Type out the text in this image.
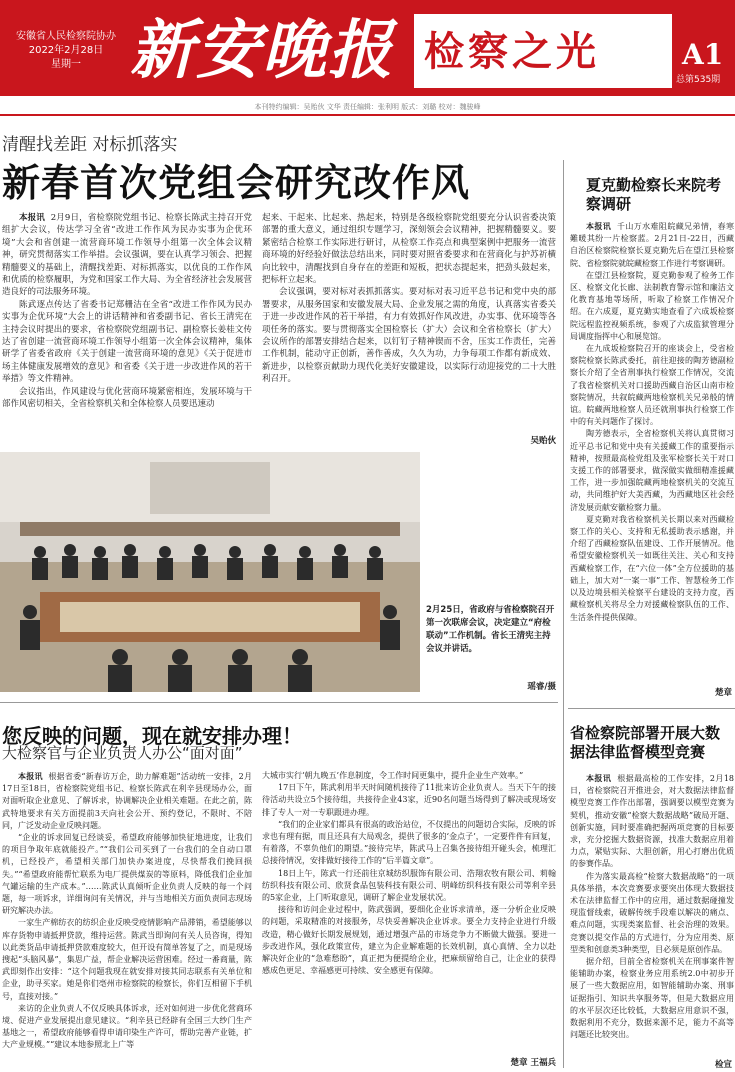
安徽省人民检察院协办
2022年2月28日
星期一 新安晚报 检察之光	A1
总第535期
本刊特约编辑：吴贻伙 文华 责任编辑：张利明 版式：刘璐 校对：魏骏峰
清醒找差距 对标抓落实
新春首次党组会研究改作风

本报讯 2月9日，省检察院党组书记、检察长陈武主持召开党组扩大会议，传达学习全省“改进工作作风为民办实事为企优环境”大会和省创建一流营商环境工作领导小组第一次全体会议精神，研究贯彻落实工作举措。会议强调，要在认真学习领会、把握精髓要义的基础上，清醒找差距、对标抓落实，以优良的工作作风和优质的检察履职，为党和国家工作大局、为全省经济社会发展营造良好的司法服务环境。

陈武逐点传达了省委书记郑栅洁在全省“改进工作作风为民办实事为企优环境”大会上的讲话精神和省委副书记、省长王清宪在主持会议时提出的要求，省检察院党组副书记、副检察长姜桂文传达了省创建一流营商环境工作领导小组第一次全体会议精神，集体研学了省委省政府《关于创建一流营商环境的意见》《关于促进市场主体健康发展增效的意见》和省委《关于进一步改进作风的若干举措》等文件精神。

会议指出，作风建设与优化营商环境紧密相连，发展环境与干部作风密切相关，全省检察机关和全体检察人员要迅速动

起来、干起来、比起来、热起来，特别是各级检察院党组要充分认识省委决策部署的重大意义，通过组织专题学习，深刻领会会议精神，把握精髓要义。要紧密结合检察工作实际进行研讨，从检察工作亮点和典型案例中把服务一流营商环境的好经验好做法总结出来，同时要对照省委要求和在营商化与护苏祈横向比较中，清醒找到自身存在的差距和短板，把状态提起来，把劲头鼓起来，把标杆立起来。

会议强调，要对标对表抓抓落实。要对标对表习近平总书记和党中央的部署要求，从服务国家和安徽发展大局、企业发展之需的角度，认真落实省委关于进一步改进作风的若干举措，有力有效抓好作风改进，办实事、优环境等各项任务的落实。要与贯彻落实全国检察长（扩大）会议和全省检察长（扩大）会议所作的部署安排结合起来，以钉钉子精神锲而不舍，压实工作责任，完善工作机制，能动守正创新，善作善成，久久为功，力争每项工作都有新成效、新进步，以检察贡献助力现代化美好安徽建设，以实际行动迎接党的二十大胜利召开。

吴贻伙
2月25日，省政府与省检察院召开第一次联席会议，决定建立“府检联动”工作机制。省长王清宪主持会议并讲话。
瑶睿/摄
夏克勤检察长来院考察调研

本报讯 千山万水难阻皖藏兄弟情，春寒難暖其纷一片检察蓝。2月21日-22日，西藏自治区检察院检察长夏克勤先后在望江县检察院、省检察院就皖藏检察工作进行考察调研。

在望江县检察院，夏克勤参观了检务工作区、检察文化长廊、法制教育警示馆和廉洁文化教育基地等场所，听取了检察工作情况介绍。在六成夏，夏克勤实地查看了六成坂检察院远程监控视频系统，参观了六成监狱管理分局调度指挥中心和展览馆。

在九成坂检察院召开的座谈会上，受省检察院检察长陈武委托，前往迎接的陶芳德副检察长介绍了全省刑事执行检察工作情况，交流了我省检察机关对口援助西藏自治区山南市检察院情况，共叙皖藏两地检察机关兄弟般的情谊。皖藏两地检察人员还就刑事执行检察工作中的有关问题作了探讨。

陶芳德表示，全省检察机关将认真贯彻习近平总书记和党中央有关援藏工作的重要指示精神，按照最高检党组及张军检察长关于对口支援工作的部署要求，做深做实做细精准援藏工作，进一步加强皖藏两地检察机关的交流互动，共同维护好大美西藏，为西藏地区社会经济发展贡献安徽检察力量。

夏克勤对我省检察机关长期以来对西藏检察工作的关心、支持和无私援助表示感谢，并介绍了西藏检察队伍建设、工作开展情况。他希望安徽检察机关一如既往关注、关心和支持西藏检察工作，在“六位一体”全方位援助的基础上，加大对“一案一事”工作、智慧检务工作以及边境县相关检察平台建设的支持力度，西藏检察机关将尽全力对援藏检察队伍的工作、生活条件提供保障。

楚章
省检察院部署开展大数据法律监督模型竞赛

本报讯 根据最高检的工作安排，2月18日，省检察院召开推进会，对大数据法律监督模型竞赛工作作出部署，强调要以模型竞赛为契机，推动安徽“检察大数据战略”破局开题、创新实施，同时要准确把握两项竞赛的目标要求，充分挖掘大数据资源，找准大数据应用着力点，紧贴实际、大胆创新，用心打磨出优质的参赛作品。

作为落实最高检“检察大数据战略”的一项具体举措，本次竞赛要求要突出体现大数据技术在法律监督工作中的应用，通过数据碰撞发现监督线索，破解传统手段难以解决的痛点、难点问题，实现类案监督、社会治理的效果。竞赛以提交作品的方式进行，分为应用类、原型类和创意类3种类型，目必须是原创作品。

据介绍，目前全省检察机关在刑事案件智能辅助办案，检察业务应用系统2.0中初步开展了一些大数据应用，如智能辅助办案、刑事证据指引、知识共享服务等，但是大数据应用的水平层次还比较低，大数据应用意识不强，数据利用不充分，数据来源不足，能力不高等问题还比较突出。

检宣
您反映的问题，现在就安排办理！
大检察官与企业负责人办公“面对面”

本报讯 根据省委“新春访万企，助力解难题”活动统一安排，2月17日至18日，省检察院党组书记、检察长陈武在利辛县现场办公，面对面听取企业意见、了解诉求，协调解决企业相关难题。在此之前，陈武特地要求有关方面提前3天向社会公开、预约登记，不限时、不陪同，广泛发动企业反映问题。

“企业的诉求回复已经谈妥，希望政府能够加快征地进度，让我们的项目争取年底就能投产。”“我们公司买到了一台我们的全自动口罩机，已经投产，希望相关部门加快办案进度，尽快帮我们挽回损失。”“希望政府能帮忙联系为电厂提供煤炭的等原料，降低我们企业加气罐运输的生产成本。”……陈武认真倾听企业负责人反映的每一个问题，每一项诉求，详细询问有关情况，并与当地相关方面负责同志现场研究解决办法。

一家生产棉纺衣的纺织企业反映受疫情影响产品滞销，希望能够以库存货物申请抵押贷款，维持运营。陈武当即询问有关人员咨询，得知以此类货品申请抵押贷款难度较大，但开设有简单答复了之，而是现场搜起“头脑风暴”，集思广益，帮企业解决运营困难。经过一番商量，陈武即刻作出安排：“这个问题我现在就安排对接其同志联系有关单位和企业，助寻买家。她是你们亳州市检察院的检察长，你们互相留下手机号，直接对接。”

来访的企业负责人不仅反映具体诉求，还对如何进一步优化营商环境、促进产业发展提出意见建议。“利辛县已经辟有全国三大纱门生产基地之一，希望政府能够看得申请印染生产许可，帮助完善产业链，扩大产业规模。”“建议本地参照北上广等

大城市实行‘朝九晚五’作息制度，令工作时间更集中，提升企业生产效率。”

17日下午，陈武利用半天时间随机接待了11批来访企业负责人。当天下午的接待活动共设立5个接待组，共接待企业43家，近90名问题当场得到了解决或现场安排了专人一对一专职跟进办理。

“我们的企业家们都具有很高的政治站位，不仅提出的问题切合实际，反映的诉求也有理有据，而且还具有大局观念，提供了很多的‘金点子’，一定要件件有回复，有着落，不辜负他们的期望。”接待完毕，陈武马上召集各接待组开碰头会，梳理汇总接待情况，安排做好接待工作的“后半篇文章”。

18日上午，陈武一行还前往京城纺织服饰有限公司、浩翔农牧有限公司、莉翰纺织科技有限公司、欣贤食品包装科技有限公司、明峰纺织科技有限公司等利辛县的5家企业，上门听取意见，调研了解企业发展状况。

接待和访问企业过程中，陈武强调，要细化企业诉求清单，逐一分析企业反映的问题，采取精准的对接服务，尽快妥善解决企业诉求。要全力支持企业进行升级改造，精心做好长期发展规划，通过增强产品的市场竞争力不断做大做强。要进一步改进作风，强化政策宣传，建立为企业解难题的长效机制，真心真情、全力以赴解决好企业的“急难愁盼”，真正把为便提给企业，把麻烦留给自己，让企业的获得感成色更足、幸福感更可持续、安全感更有保障。

楚章 王福兵
